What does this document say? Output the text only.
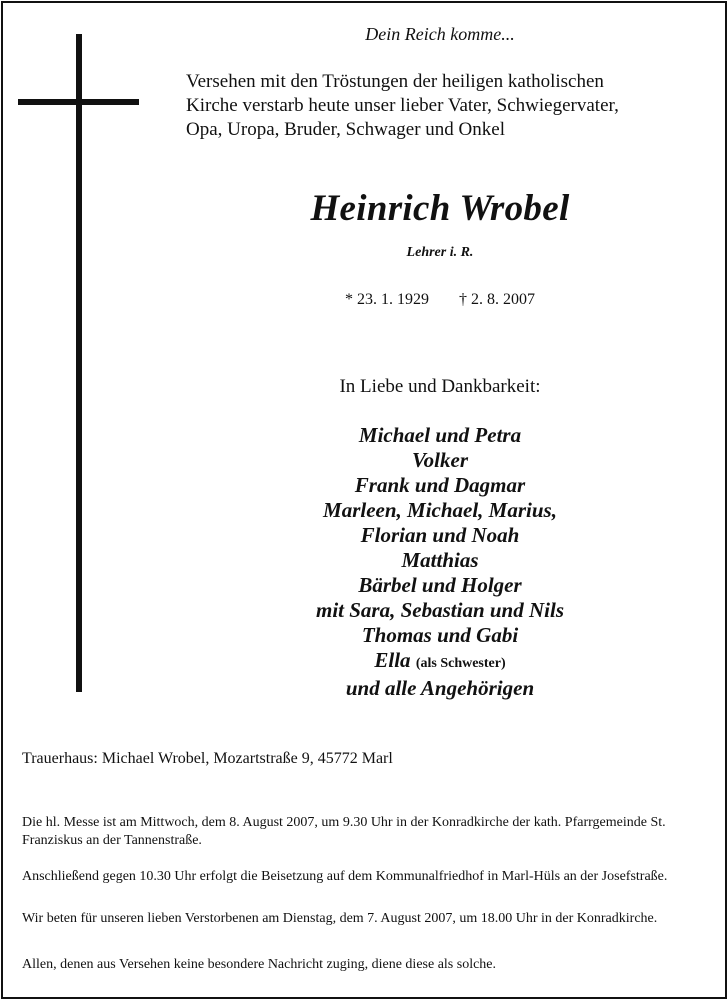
Dein Reich komme...
Versehen mit den Tröstungen der heiligen katholischen
Kirche verstarb heute unser lieber Vater, Schwiegervater,
Opa, Uropa, Bruder, Schwager und Onkel
Heinrich Wrobel
Lehrer i. R.
* 23. 1. 1929 † 2. 8. 2007
In Liebe und Dankbarkeit:
Michael und Petra
Volker
Frank und Dagmar
Marleen, Michael, Marius,
Florian und Noah
Matthias
Bärbel und Holger
mit Sara, Sebastian und Nils
Thomas und Gabi
Ella (als Schwester)
und alle Angehörigen
Trauerhaus: Michael Wrobel, Mozartstraße 9, 45772 Marl
Die hl. Messe ist am Mittwoch, dem 8. August 2007, um 9.30 Uhr in der Konradkirche der kath. Pfarrgemeinde St. Franziskus an der Tannenstraße.
Anschließend gegen 10.30 Uhr erfolgt die Beisetzung auf dem Kommunalfriedhof in Marl-Hüls an der Josefstraße.
Wir beten für unseren lieben Verstorbenen am Dienstag, dem 7. August 2007, um 18.00 Uhr in der Konradkirche.
Allen, denen aus Versehen keine besondere Nachricht zuging, diene diese als solche.
